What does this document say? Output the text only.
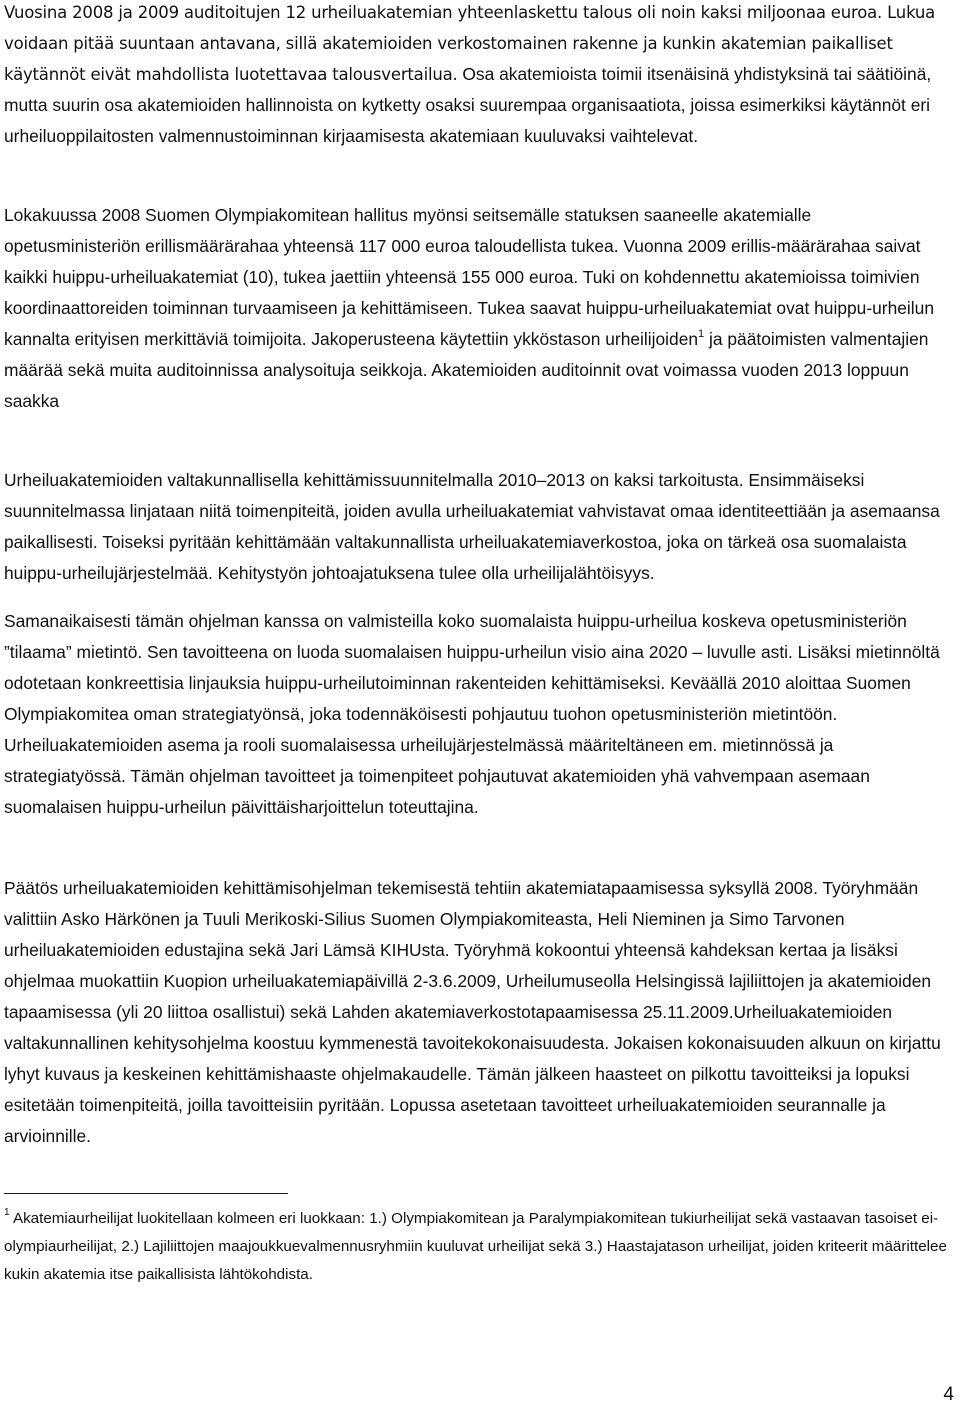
Vuosina 2008 ja 2009 auditoitujen 12 urheiluakatemian yhteenlaskettu talous oli noin kaksi miljoonaa euroa. Lukua voidaan pitää suuntaan antavana, sillä akatemioiden verkostomainen rakenne ja kunkin akatemian paikalliset käytännöt eivät mahdollista luotettavaa talousvertailua. Osa akatemioista toimii itsenäisinä yhdistyksinä tai säätiöinä, mutta suurin osa akatemioiden hallinnoista on kytketty osaksi suurempaa organisaatiota, joissa esimerkiksi käytännöt eri urheiluoppilaitosten valmennustoiminnan kirjaamisesta akatemiaan kuuluvaksi vaihtelevat.

Lokakuussa 2008 Suomen Olympiakomitean hallitus myönsi seitsemälle statuksen saaneelle akatemialle opetusministeriön erillismäärärahaa yhteensä 117 000 euroa taloudellista tukea. Vuonna 2009 erillis-määrärahaa saivat kaikki huippu-urheiluakatemiat (10), tukea jaettiin yhteensä 155 000 euroa. Tuki on kohdennettu akatemioissa toimivien koordinaattoreiden toiminnan turvaamiseen ja kehittämiseen. Tukea saavat huippu-urheiluakatemiat ovat huippu-urheilun kannalta erityisen merkittäviä toimijoita. Jakoperusteena käytettiin ykköstason urheilijoiden$^1$ ja päätoimisten valmentajien määrää sekä muita auditoinnissa analysoituja seikkoja. Akatemioiden auditoinnit ovat voimassa vuoden 2013 loppuun saakka

Urheiluakatemioiden valtakunnallisella kehittämissuunnitelmalla 2010–2013 on kaksi tarkoitusta. Ensimmäiseksi suunnitelmassa linjataan niitä toimenpiteitä, joiden avulla urheiluakatemiat vahvistavat omaa identiteettiään ja asemaansa paikallisesti. Toiseksi pyritään kehittämään valtakunnallista urheiluakatemiaverkostoa, joka on tärkeä osa suomalaista huippu-urheilujärjestelmää. Kehitystyön johtoajatuksena tulee olla urheilijalähtöisyys.

Samanaikaisesti tämän ohjelman kanssa on valmisteilla koko suomalaista huippu-urheilua koskeva opetusministeriön ”tilaama” mietintö. Sen tavoitteena on luoda suomalaisen huippu-urheilun visio aina 2020 – luvulle asti. Lisäksi mietinnöltä odotetaan konkreettisia linjauksia huippu-urheilutoiminnan rakenteiden kehittämiseksi. Keväällä 2010 aloittaa Suomen Olympiakomitea oman strategiatyönsä, joka todennäköisesti pohjautuu tuohon opetusministeriön mietintöön. Urheiluakatemioiden asema ja rooli suomalaisessa urheilujärjestelmässä määriteltäneen em. mietinnössä ja strategiatyössä. Tämän ohjelman tavoitteet ja toimenpiteet pohjautuvat akatemioiden yhä vahvempaan asemaan suomalaisen huippu-urheilun päivittäisharjoittelun toteuttajina.

Päätös urheiluakatemioiden kehittämisohjelman tekemisestä tehtiin akatemiatapaamisessa syksyllä 2008. Työryhmään valittiin Asko Härkönen ja Tuuli Merikoski-Silius Suomen Olympiakomiteasta, Heli Nieminen ja Simo Tarvonen urheiluakatemioiden edustajina sekä Jari Lämsä KIHUsta. Työryhmä kokoontui yhteensä kahdeksan kertaa ja lisäksi ohjelmaa muokattiin Kuopion urheiluakatemiapäivillä 2-3.6.2009, Urheilumuseolla Helsingissä lajiliittojen ja akatemioiden tapaamisessa (yli 20 liittoa osallistui) sekä Lahden akatemiaverkostotapaamisessa 25.11.2009.Urheiluakatemioiden valtakunnallinen kehitysohjelma koostuu kymmenestä tavoitekokonaisuudesta. Jokaisen kokonaisuuden alkuun on kirjattu lyhyt kuvaus ja keskeinen kehittämishaaste ohjelmakaudelle. Tämän jälkeen haasteet on pilkottu tavoitteiksi ja lopuksi esitetään toimenpiteitä, joilla tavoitteisiin pyritään. Lopussa asetetaan tavoitteet urheiluakatemioiden seurannalle ja arvioinnille.

$^1$ Akatemiaurheilijat luokitellaan kolmeen eri luokkaan: 1.) Olympiakomitean ja Paralympiakomitean tukiurheilijat sekä vastaavan tasoiset ei-olympiaurheilijat, 2.) Lajiliittojen maajoukkuevalmennusryhmiin kuuluvat urheilijat sekä 3.) Haastajatason urheilijat, joiden kriteerit määrittelee kukin akatemia itse paikallisista lähtökohdista.

4
